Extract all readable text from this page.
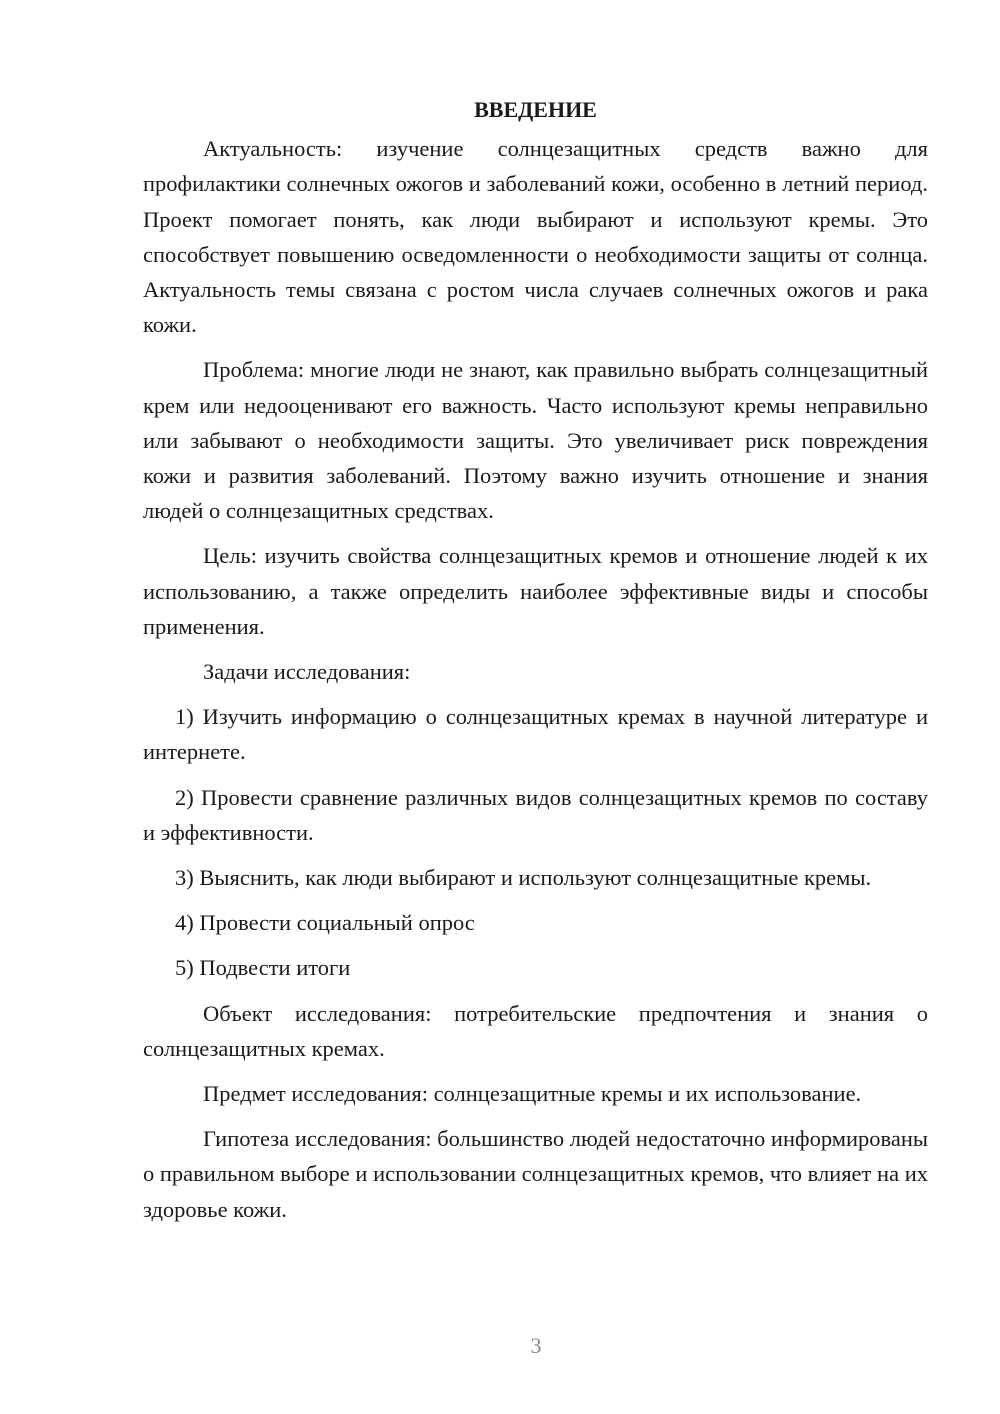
ВВЕДЕНИЕ

Актуальность: изучение солнцезащитных средств важно для профилактики солнечных ожогов и заболеваний кожи, особенно в летний период. Проект помогает понять, как люди выбирают и используют кремы. Это способствует повышению осведомленности о необходимости защиты от солнца. Актуальность темы связана с ростом числа случаев солнечных ожогов и рака кожи.

Проблема: многие люди не знают, как правильно выбрать солнцезащитный крем или недооценивают его важность. Часто используют кремы неправильно или забывают о необходимости защиты. Это увеличивает риск повреждения кожи и развития заболеваний. Поэтому важно изучить отношение и знания людей о солнцезащитных средствах.

Цель: изучить свойства солнцезащитных кремов и отношение людей к их использованию, а также определить наиболее эффективные виды и способы применения.

Задачи исследования:

1) Изучить информацию о солнцезащитных кремах в научной литературе и интернете.

2) Провести сравнение различных видов солнцезащитных кремов по составу и эффективности.

3) Выяснить, как люди выбирают и используют солнцезащитные кремы.

4) Провести социальный опрос

5) Подвести итоги

Объект исследования: потребительские предпочтения и знания о солнцезащитных кремах.

Предмет исследования: солнцезащитные кремы и их использование.

Гипотеза исследования: большинство людей недостаточно информированы о правильном выборе и использовании солнцезащитных кремов, что влияет на их здоровье кожи.

3
